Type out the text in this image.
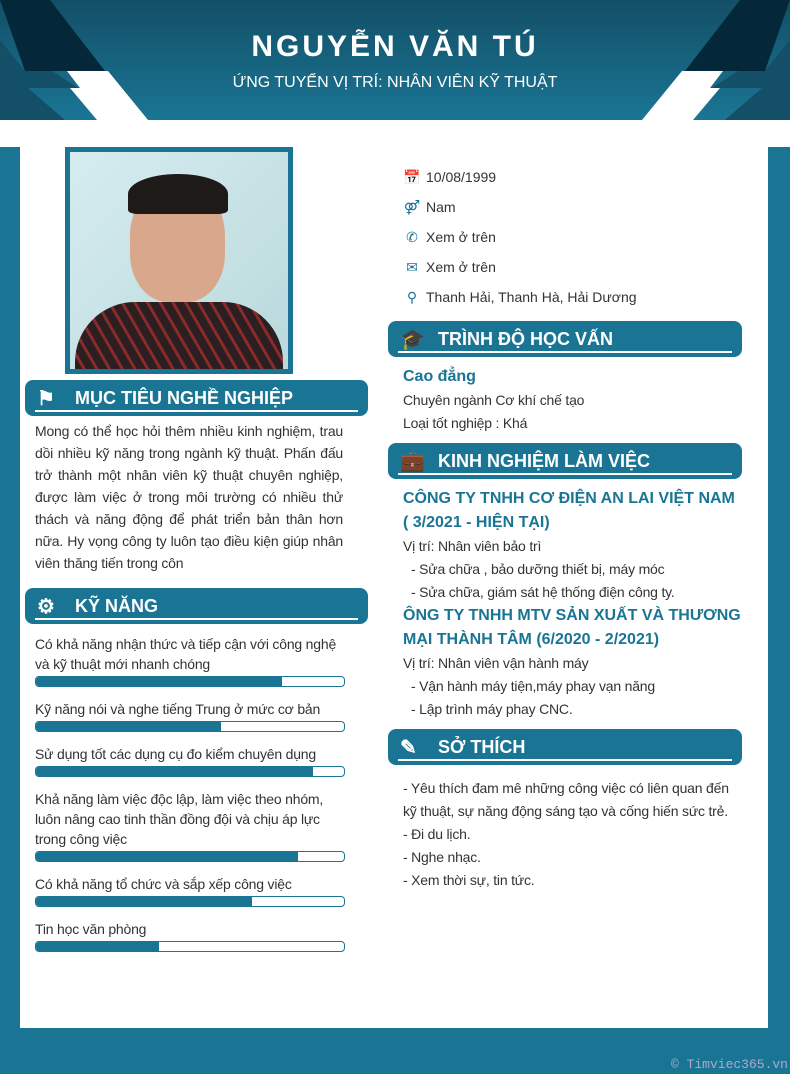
NGUYỄN VĂN TÚ
ỨNG TUYỂN VỊ TRÍ: NHÂN VIÊN KỸ THUẬT
⚑ MỤC TIÊU NGHỀ NGHIỆP
Mong có thể học hỏi thêm nhiều kinh nghiệm, trau dồi nhiều kỹ năng trong ngành kỹ thuật. Phấn đấu trở thành một nhân viên kỹ thuật chuyên nghiệp, được làm việc ở trong môi trường có nhiều thử thách và năng động để phát triển bản thân hơn nữa. Hy vọng công ty luôn tạo điều kiện giúp nhân viên thăng tiến trong côn
⚙ KỸ NĂNG
Có khả năng nhận thức và tiếp cận với công nghệ và kỹ thuật mới nhanh chóng
Kỹ năng nói và nghe tiếng Trung ở mức cơ bản
Sử dụng tốt các dụng cụ đo kiểm chuyên dụng
Khả năng làm việc độc lập, làm việc theo nhóm, luôn nâng cao tinh thần đồng đội và chịu áp lực trong công việc
Có khả năng tổ chức và sắp xếp công việc
Tin học văn phòng
📅 10/08/1999
⚤ Nam
✆ Xem ở trên
✉ Xem ở trên
⚲ Thanh Hải, Thanh Hà, Hải Dương
🎓 TRÌNH ĐỘ HỌC VẤN
Cao đẳng
Chuyên ngành Cơ khí chế tạo
Loại tốt nghiệp : Khá
💼 KINH NGHIỆM LÀM VIỆC
CÔNG TY TNHH CƠ ĐIỆN AN LAI VIỆT NAM ( 3/2021 - HIỆN TẠI)
Vị trí: Nhân viên bảo trì
- Sửa chữa , bảo dưỡng thiết bị, máy móc
- Sửa chữa, giám sát hệ thống điện công ty.
ÔNG TY TNHH MTV SẢN XUẤT VÀ THƯƠNG MẠI THÀNH TÂM (6/2020 - 2/2021)
Vị trí: Nhân viên vận hành máy
- Vận hành máy tiện,máy phay vạn năng
- Lập trình máy phay CNC.
✎ SỞ THÍCH
- Yêu thích đam mê những công việc có liên quan đến kỹ thuật, sự năng động sáng tạo và cống hiến sức trẻ.
- Đi du lịch.
- Nghe nhạc.
- Xem thời sự, tin tức.
© Timviec365.vn
